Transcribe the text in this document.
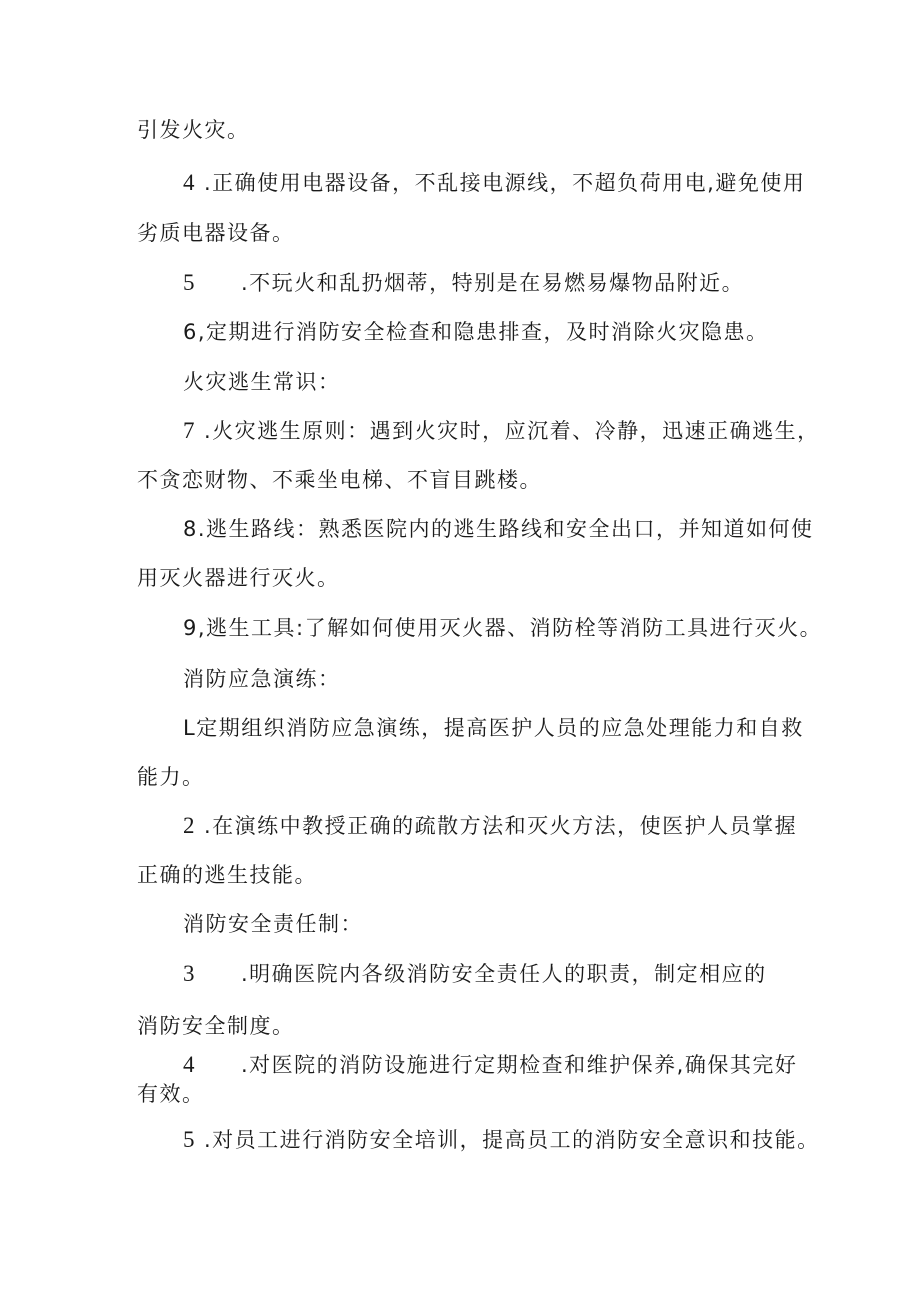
引发火灾。
4 .正确使用电器设备，不乱接电源线，不超负荷用电,避免使用
劣质电器设备。
5 .不玩火和乱扔烟蒂，特别是在易燃易爆物品附近。
6,定期进行消防安全检查和隐患排查，及时消除火灾隐患。
火灾逃生常识：
7 .火灾逃生原则：遇到火灾时，应沉着、冷静，迅速正确逃生，
不贪恋财物、不乘坐电梯、不盲目跳楼。
8.逃生路线：熟悉医院内的逃生路线和安全出口，并知道如何使
用灭火器进行灭火。
9,逃生工具:了解如何使用灭火器、消防栓等消防工具进行灭火。
消防应急演练：
L定期组织消防应急演练，提高医护人员的应急处理能力和自救
能力。
2 .在演练中教授正确的疏散方法和灭火方法，使医护人员掌握
正确的逃生技能。
消防安全责任制：
3 .明确医院内各级消防安全责任人的职责，制定相应的
消防安全制度。
4 .对医院的消防设施进行定期检查和维护保养,确保其完好
有效。
5 .对员工进行消防安全培训，提高员工的消防安全意识和技能。
